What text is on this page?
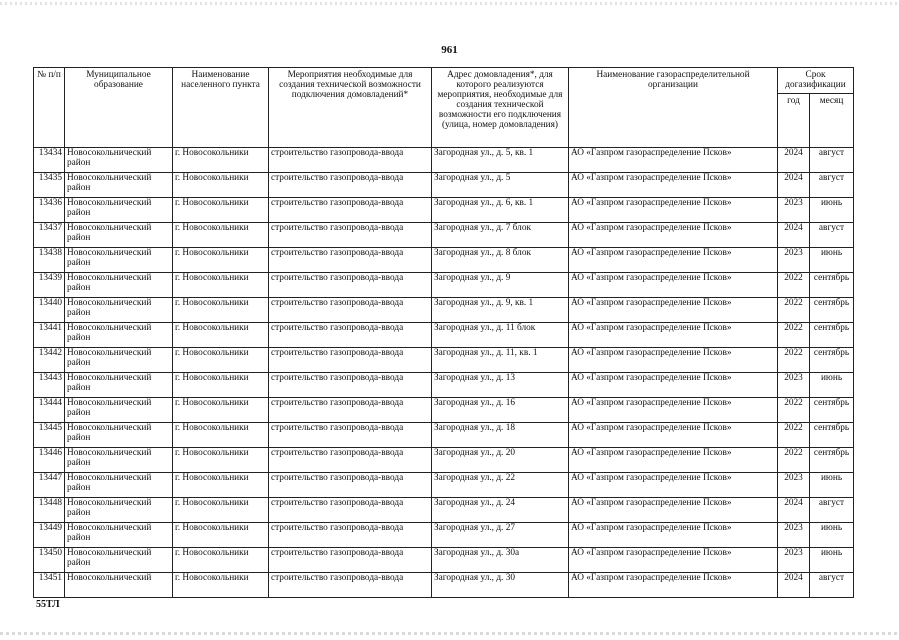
961
№ п/п	Муниципальное образование	Наименование населенного пункта	Мероприятия необходимые для создания технической возможности подключения домовладений*	Адрес домовладения*, для которого реализуются мероприятия, необходимые для создания технической возможности его подключения (улица, номер домовладения)	Наименование газораспределительной организации	Срок догазификации	
						год	месяц
13434	Новосокольнический район	г. Новосокольники	строительство газопровода-ввода	Загородная ул., д. 5, кв. 1	АО «Газпром газораспределение Псков»	2024	август
13435	Новосокольнический район	г. Новосокольники	строительство газопровода-ввода	Загородная ул., д. 5	АО «Газпром газораспределение Псков»	2024	август
13436	Новосокольнический район	г. Новосокольники	строительство газопровода-ввода	Загородная ул., д. 6, кв. 1	АО «Газпром газораспределение Псков»	2023	июнь
13437	Новосокольнический район	г. Новосокольники	строительство газопровода-ввода	Загородная ул., д. 7 блок	АО «Газпром газораспределение Псков»	2024	август
13438	Новосокольнический район	г. Новосокольники	строительство газопровода-ввода	Загородная ул., д. 8 блок	АО «Газпром газораспределение Псков»	2023	июнь
13439	Новосокольнический район	г. Новосокольники	строительство газопровода-ввода	Загородная ул., д. 9	АО «Газпром газораспределение Псков»	2022	сентябрь
13440	Новосокольнический район	г. Новосокольники	строительство газопровода-ввода	Загородная ул., д. 9, кв. 1	АО «Газпром газораспределение Псков»	2022	сентябрь
13441	Новосокольнический район	г. Новосокольники	строительство газопровода-ввода	Загородная ул., д. 11 блок	АО «Газпром газораспределение Псков»	2022	сентябрь
13442	Новосокольнический район	г. Новосокольники	строительство газопровода-ввода	Загородная ул., д. 11, кв. 1	АО «Газпром газораспределение Псков»	2022	сентябрь
13443	Новосокольнический район	г. Новосокольники	строительство газопровода-ввода	Загородная ул., д. 13	АО «Газпром газораспределение Псков»	2023	июнь
13444	Новосокольнический район	г. Новосокольники	строительство газопровода-ввода	Загородная ул., д. 16	АО «Газпром газораспределение Псков»	2022	сентябрь
13445	Новосокольнический район	г. Новосокольники	строительство газопровода-ввода	Загородная ул., д. 18	АО «Газпром газораспределение Псков»	2022	сентябрь
13446	Новосокольнический район	г. Новосокольники	строительство газопровода-ввода	Загородная ул., д. 20	АО «Газпром газораспределение Псков»	2022	сентябрь
13447	Новосокольнический район	г. Новосокольники	строительство газопровода-ввода	Загородная ул., д. 22	АО «Газпром газораспределение Псков»	2023	июнь
13448	Новосокольнический район	г. Новосокольники	строительство газопровода-ввода	Загородная ул., д. 24	АО «Газпром газораспределение Псков»	2024	август
13449	Новосокольнический район	г. Новосокольники	строительство газопровода-ввода	Загородная ул., д. 27	АО «Газпром газораспределение Псков»	2023	июнь
13450	Новосокольнический район	г. Новосокольники	строительство газопровода-ввода	Загородная ул., д. 30а	АО «Газпром газораспределение Псков»	2023	июнь
13451	Новосокольнический	г. Новосокольники	строительство газопровода-ввода	Загородная ул., д. 30	АО «Газпром газораспределение Псков»	2024	август
55ТЛ
